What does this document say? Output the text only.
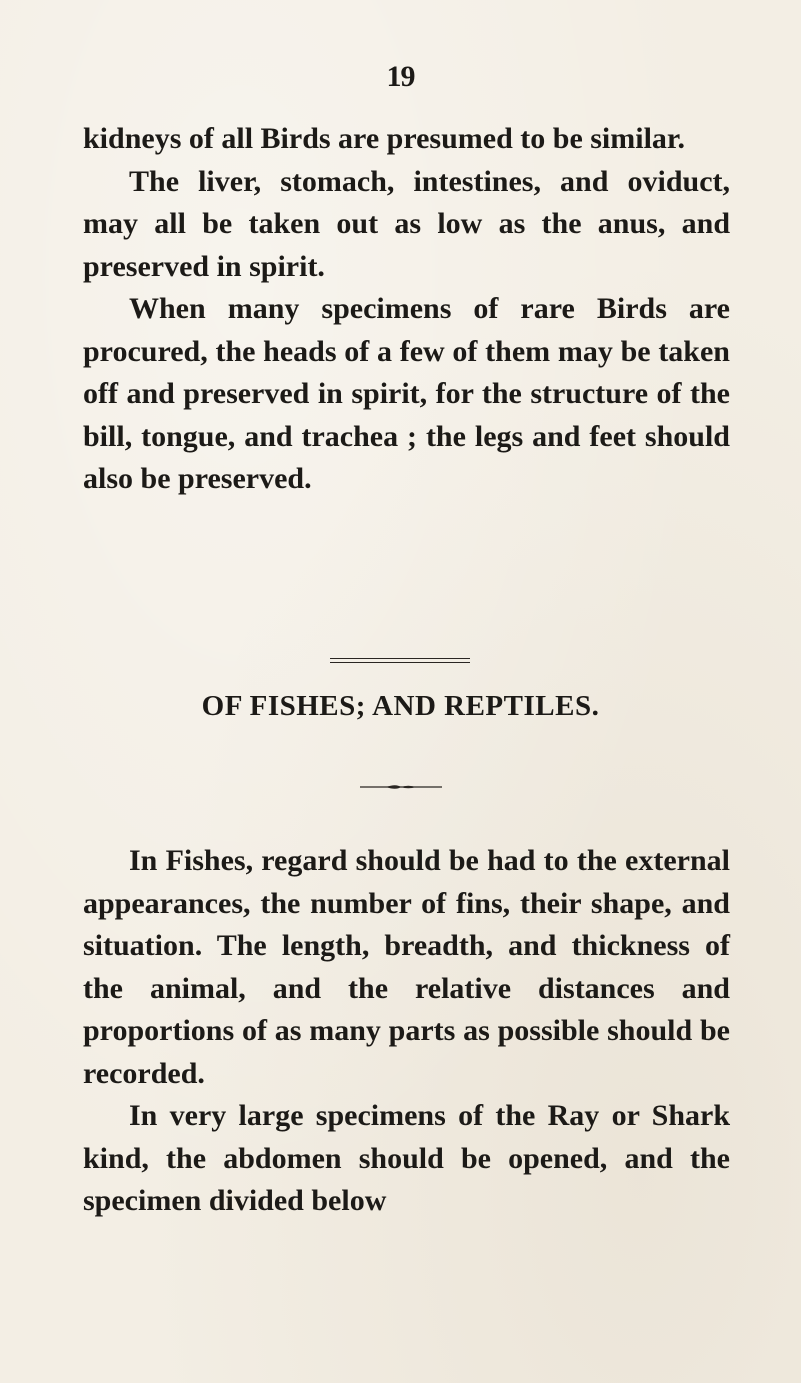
19

kidneys of all Birds are presumed to be similar.

The liver, stomach, intestines, and oviduct, may all be taken out as low as the anus, and preserved in spirit.

When many specimens of rare Birds are procured, the heads of a few of them may be taken off and preserved in spirit, for the structure of the bill, tongue, and trachea ; the legs and feet should also be preserved.

OF FISHES; AND REPTILES.

In Fishes, regard should be had to the external appearances, the number of fins, their shape, and situation. The length, breadth, and thickness of the animal, and the relative distances and proportions of as many parts as possible should be recorded.

In very large specimens of the Ray or Shark kind, the abdomen should be opened, and the specimen divided below
